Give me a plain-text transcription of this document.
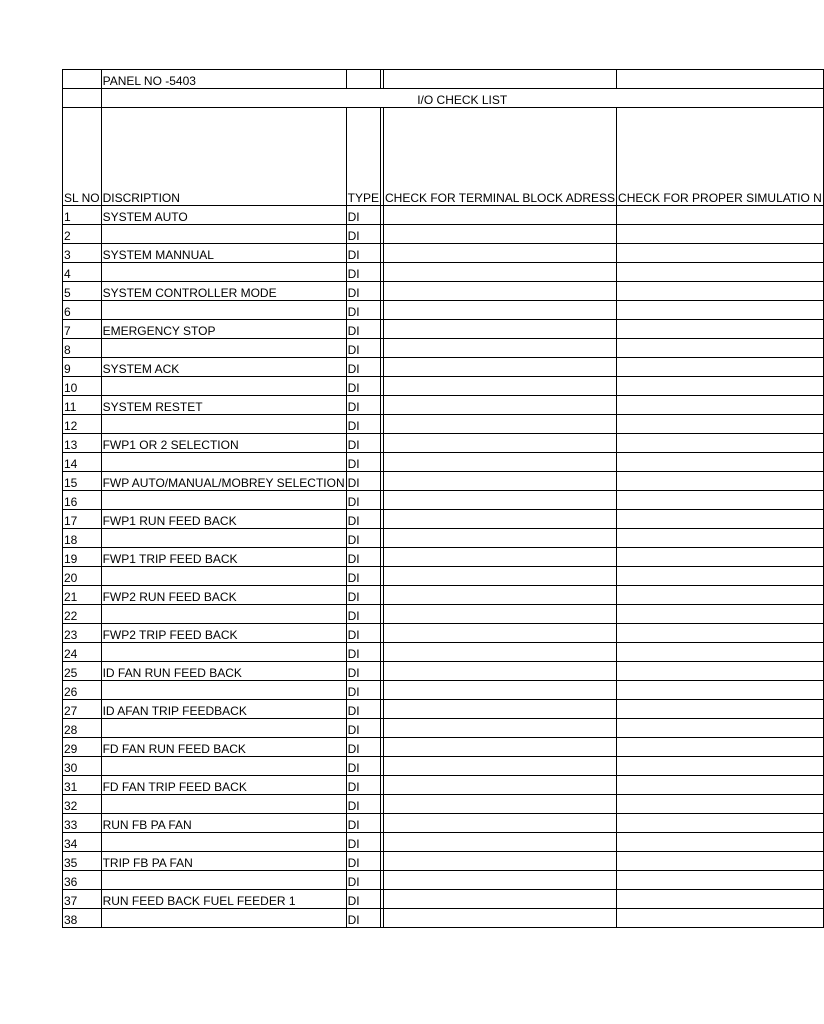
	PANEL NO -5403				
	I/O CHECK LIST				
SL NO	DISCRIPTION	TYPE		CHECK FOR TERMINAL BLOCK ADRESS	CHECK FOR PROPER SIMULATIO N

1	SYSTEM AUTO	DI			
2		DI			
3	SYSTEM MANNUAL	DI			
4		DI			
5	SYSTEM CONTROLLER MODE	DI			
6		DI			
7	EMERGENCY STOP	DI			
8		DI			
9	SYSTEM ACK	DI			
10		DI			
11	SYSTEM RESTET	DI			
12		DI			
13	FWP1 OR 2 SELECTION	DI			
14		DI			
15	FWP AUTO/MANUAL/MOBREY SELECTION	DI			
16		DI			
17	FWP1 RUN FEED BACK	DI			
18		DI			
19	FWP1 TRIP FEED BACK	DI			
20		DI			
21	FWP2 RUN FEED BACK	DI			
22		DI			
23	FWP2 TRIP FEED BACK	DI			
24		DI			
25	ID FAN RUN FEED BACK	DI			
26		DI			
27	ID AFAN TRIP FEEDBACK	DI			
28		DI			
29	FD FAN RUN FEED BACK	DI			
30		DI			
31	FD FAN TRIP FEED BACK	DI			
32		DI			
33	RUN FB PA FAN	DI			
34		DI			
35	TRIP FB PA FAN	DI			
36		DI			
37	RUN FEED BACK FUEL FEEDER 1	DI			
38		DI			
